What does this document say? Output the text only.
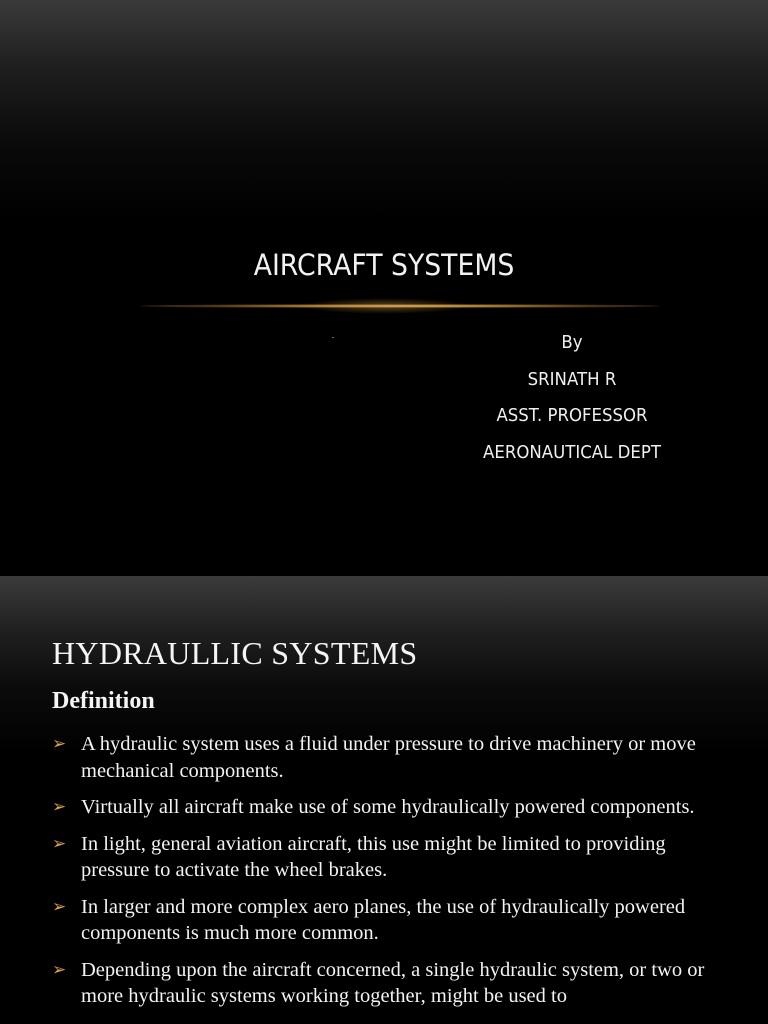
AIRCRAFT SYSTEMS
By
SRINATH R
ASST. PROFESSOR
AERONAUTICAL DEPT
HYDRAULLIC SYSTEMS
Definition
➢ A hydraulic system uses a fluid under pressure to drive machinery or move mechanical components.
➢ Virtually all aircraft make use of some hydraulically powered components.
➢ In light, general aviation aircraft, this use might be limited to providing pressure to activate the wheel brakes.
➢ In larger and more complex aero planes, the use of hydraulically powered components is much more common.
➢ Depending upon the aircraft concerned, a single hydraulic system, or two or more hydraulic systems working together, might be used to
